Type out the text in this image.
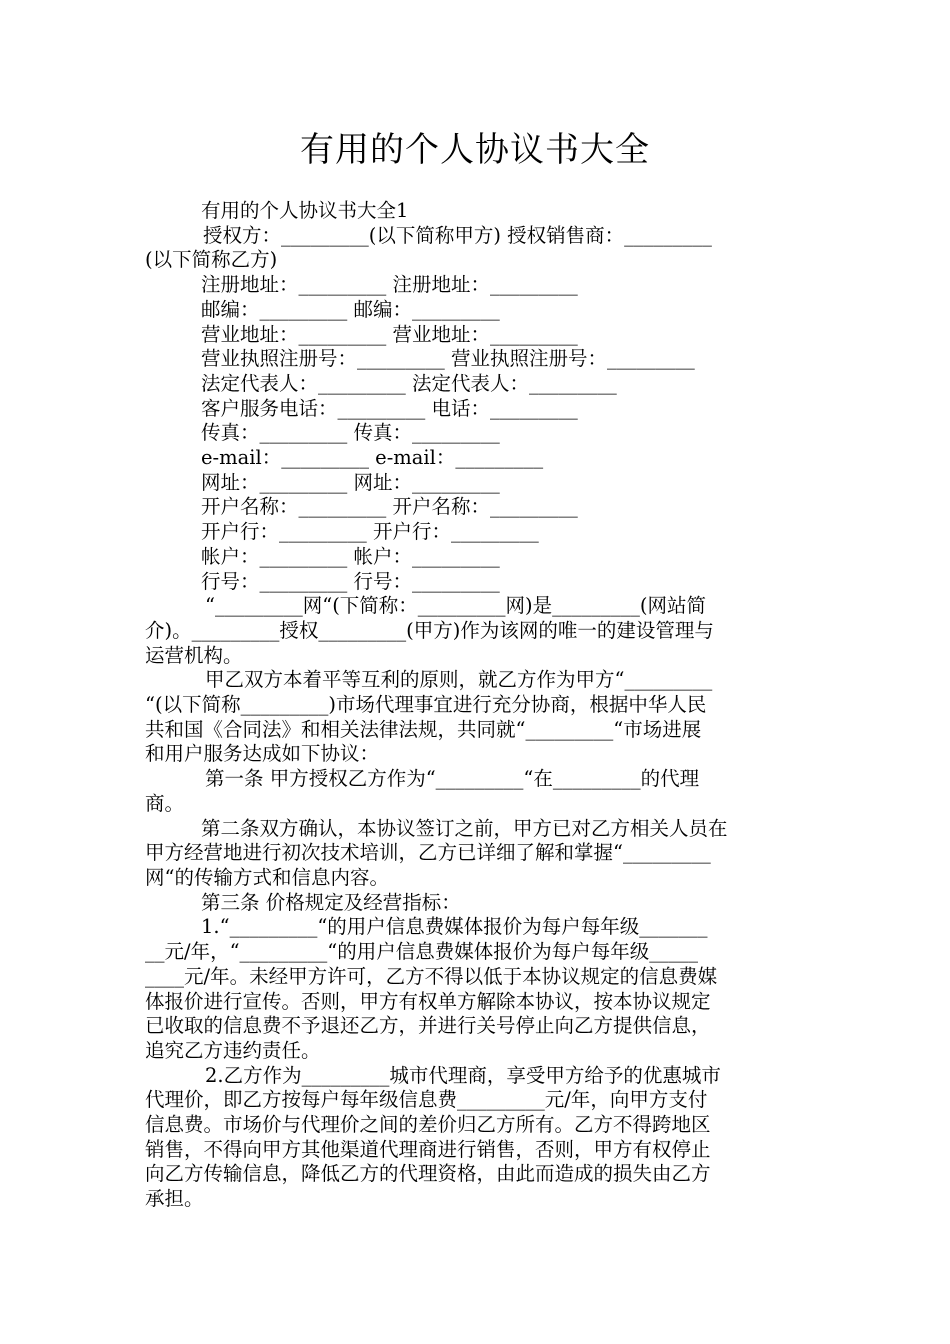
有用的个人协议书大全
有用的个人协议书大全1
授权方：_________(以下简称甲方) 授权销售商：_________
(以下简称乙方)
注册地址：_________ 注册地址：_________
邮编：_________ 邮编：_________
营业地址：_________ 营业地址：_________
营业执照注册号：_________ 营业执照注册号：_________
法定代表人：_________ 法定代表人：_________
客户服务电话：_________ 电话：_________
传真：_________ 传真：_________
e-mail：_________ e-mail：_________
网址：_________ 网址：_________
开户名称：_________ 开户名称：_________
开户行：_________ 开户行：_________
帐户：_________ 帐户：_________
行号：_________ 行号：_________
“_________网“(下简称：_________网)是_________(网站简
介)。_________授权_________(甲方)作为该网的唯一的建设管理与
运营机构。
甲乙双方本着平等互利的原则，就乙方作为甲方“_________
“(以下简称_________)市场代理事宜进行充分协商，根据中华人民
共和国《合同法》和相关法律法规，共同就“_________“市场进展
和用户服务达成如下协议：
第一条 甲方授权乙方作为“_________“在_________的代理
商。
第二条双方确认，本协议签订之前，甲方已对乙方相关人员在
甲方经营地进行初次技术培训，乙方已详细了解和掌握“_________
网“的传输方式和信息内容。
第三条 价格规定及经营指标：
1.“_________“的用户信息费媒体报价为每户每年级_______
__元/年，“_________“的用户信息费媒体报价为每户每年级_____
____元/年。未经甲方许可，乙方不得以低于本协议规定的信息费媒
体报价进行宣传。否则，甲方有权单方解除本协议，按本协议规定
已收取的信息费不予退还乙方，并进行关号停止向乙方提供信息，
追究乙方违约责任。
2.乙方作为_________城市代理商，享受甲方给予的优惠城市
代理价，即乙方按每户每年级信息费_________元/年，向甲方支付
信息费。市场价与代理价之间的差价归乙方所有。乙方不得跨地区
销售，不得向甲方其他渠道代理商进行销售，否则，甲方有权停止
向乙方传输信息，降低乙方的代理资格，由此而造成的损失由乙方
承担。
